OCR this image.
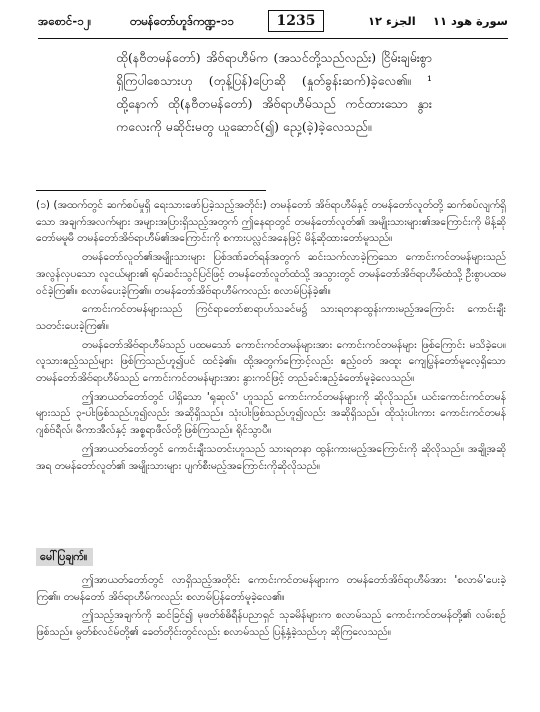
အစောင်-၁၂၊	တမန်တော်ဟူဒ်ကဏ္ဍ-၁၁	1235	الجزء ١٢ سورة هود ١١

ထို(နဗီတမန်တော်) အိဗ်ရာဟီမ်က (အသင်တို့သည်လည်း) ငြိမ်းချမ်းစွာ ရှိကြပါစေသားဟု (တုန့်ပြန်)ပြောဆို (နှုတ်ခွန်းဆက်)ခဲ့လေ၏။ ¹ ထို့နောက် ထို(နဗီတမန်တော်) အိဗ်ရာဟီမ်သည် ကင်ထားသော နွားကလေးကို မဆိုင်းမတွ ယူဆောင်(၍) ညှေ့(ခဲ့)ခဲ့လေသည်။

(၁) (အထက်တွင် ဆက်စပ်မှုရှိ ရေးသားဖော်ပြခဲ့သည့်အတိုင်း) တမန်တော် အိဗ်ရာဟီမ်နှင့် တမန်တော်လူတ်တို့ ဆက်စပ်လျက်ရှိသော အချက်အလက်များ အများအပြားရှိသည့်အတွက် ဤနေရာတွင် တမန်တော်လူတ်၏ အမျိုးသားများ၏အကြောင်းကို မိန့်ဆိုတော်မမူမီ တမန်တော်အိဗ်ရာဟီမ်၏အကြောင်းကို စကားပလ္လင်အနေဖြင့် မိန့်ဆိုထားတော်မူသည်။

တမန်တော်လူတ်၏အမျိုးသားများ ပြစ်ဒဏ်ခတ်ရန်အတွက် ဆင်းသက်လာခဲ့ကြသော ကောင်းကင်တမန်များသည် အလွန်လှပသော လူငယ်များ၏ ရုပ်ဆင်းသွင်ပြင်ဖြင့် တမန်တော်လူတ်ထံသို့ အသွားတွင် တမန်တော်အိဗ်ရာဟီမ်ထံသို့ ဦးစွာပထမဝင်ခဲ့ကြ၏။ စလာမ်ပေးခဲ့ကြ၏။ တမန်တော်အိဗ်ရာဟီမ်ကလည်း စလာမ်ပြန်ခဲ့၏။

ကောင်းကင်တမန်များသည် ကြင်ရာတော်စာရာဟ်သခင်မ၌ သားရတနာထွန်းကားမည့်အကြောင်း ကောင်းချီးသတင်းပေးခဲ့ကြ၏။

တမန်တော်အိဗ်ရာဟီမ်သည် ပထမသော် ကောင်းကင်တမန်များအား ကောင်းကင်တမန်များ ဖြစ်ကြောင်း မသိခဲ့ပေ။ လူသားဧည့်သည်များ ဖြစ်ကြသည်ဟူ၍ပင် ထင်ခဲ့၏။ ထို့အတွက်ကြောင့်လည်း ဧည့်ဝတ် အထူး ကျေပြွန်တော်မူလေ့ရှိသော တမန်တော်အိဗ်ရာဟီမ်သည် ကောင်းကင်တမန်များအား နွားကင်ဖြင့် တည်ခင်းဧည့်ခံတော်မူခဲ့လေသည်။

ဤအာယတ်တော်တွင် ပါရှိသော 'ရုဆုလ်' ဟူသည် ကောင်းကင်တမန်များကို ဆိုလိုသည်။ ယင်းကောင်းကင်တမန်များသည် ၃-ပါးဖြစ်သည်ဟူ၍လည်း အဆိုရှိသည်။ သုံးပါးဖြစ်သည်ဟူ၍လည်း အဆိုရှိသည်။ ထိုသုံးပါးကား ကောင်းကင်တမန် ဂျစ်ဗ်ရီလ်၊ မီကာအီလ်နှင့် အစ္စရာဖီလ်တို့ဖြစ်ကြသည်။ ရိုင်သွာပီ။

ဤအာယတ်တော်တွင် ကောင်းချီးသတင်းဟူသည် သားရတနာ ထွန်းကားမည့်အကြောင်းကို ဆိုလိုသည်။ အချို့အဆိုအရ တမန်တော်လူတ်၏ အမျိုးသားများ ပျက်စီးမည့်အကြောင်းကိုဆိုလိုသည်။

မေါ်ပြချက်။

ဤအာယတ်တော်တွင် လာရှိသည့်အတိုင်း ကောင်းကင်တမန်များက တမန်တော်အိဗ်ရာဟီမ်အား 'စလာမ်'ပေးခဲ့ကြ၏။ တမန်တော် အိဗ်ရာဟီမ်ကလည်း စလာမ်ပြန်တော်မူခဲ့လေ၏။

ဤသည့်အချက်ကို ဆင်ခြင်၍ မုဖတ်စ်ဓိရီန်ပညာရှင် သုခမိန်များက စလာမ်သည် ကောင်းကင်တမန်တို့၏ လမ်းစဉ်ဖြစ်သည်။ မွတ်စ်လင်မ်တို့၏ ခေတ်တိုင်းတွင်လည်း စလာမ်သည် ပြန့်နှံ့ခဲ့သည်ဟု ဆိုကြလေသည်။
